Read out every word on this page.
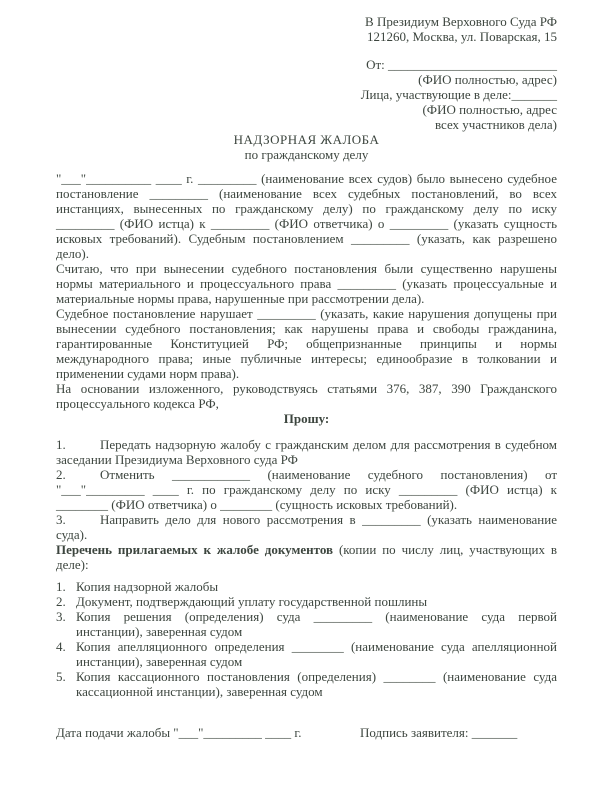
В Президиум Верховного Суда РФ

121260, Москва, ул. Поварская, 15

От: __________________________

(ФИО полностью, адрес)

Лица, участвующие в деле:_______

(ФИО полностью, адрес

всех участников дела)

НАДЗОРНАЯ ЖАЛОБА

по гражданскому делу

"___"__________ ____ г. _________ (наименование всех судов) было вынесено судебное постановление _________ (наименование всех судебных постановлений, во всех инстанциях, вынесенных по гражданскому делу) по гражданскому делу по иску _________ (ФИО истца) к _________ (ФИО ответчика) о _________ (указать сущность исковых требований). Судебным постановлением _________ (указать, как разрешено дело).

Считаю, что при вынесении судебного постановления были существенно нарушены нормы материального и процессуального права _________ (указать процессуальные и материальные нормы права, нарушенные при рассмотрении дела).

Судебное постановление нарушает _________ (указать, какие нарушения допущены при вынесении судебного постановления; как нарушены права и свободы гражданина, гарантированные Конституцией РФ; общепризнанные принципы и нормы международного права; иные публичные интересы; единообразие в толковании и применении судами норм права).

На основании изложенного, руководствуясь статьями 376, 387, 390 Гражданского процессуального кодекса РФ,

Прошу:

1.	Передать надзорную жалобу с гражданским делом для рассмотрения в судебном заседании Президиума Верховного суда РФ

2.	Отменить ____________ (наименование судебного постановления) от "___"_________ ____ г. по гражданскому делу по иску _________ (ФИО истца) к ________ (ФИО ответчика) о ________ (сущность исковых требований).

3.	Направить дело для нового рассмотрения в _________ (указать наименование суда).

Перечень прилагаемых к жалобе документов (копии по числу лиц, участвующих в деле):

1. Копия надзорной жалобы

2. Документ, подтверждающий уплату государственной пошлины

3. Копия решения (определения) суда _________ (наименование суда первой инстанции), заверенная судом

4. Копия апелляционного определения ________ (наименование суда апелляционной инстанции), заверенная судом

5. Копия кассационного постановления (определения) ________ (наименование суда кассационной инстанции), заверенная судом

Дата подачи жалобы "___"_________ ____ г.	Подпись заявителя: _______
